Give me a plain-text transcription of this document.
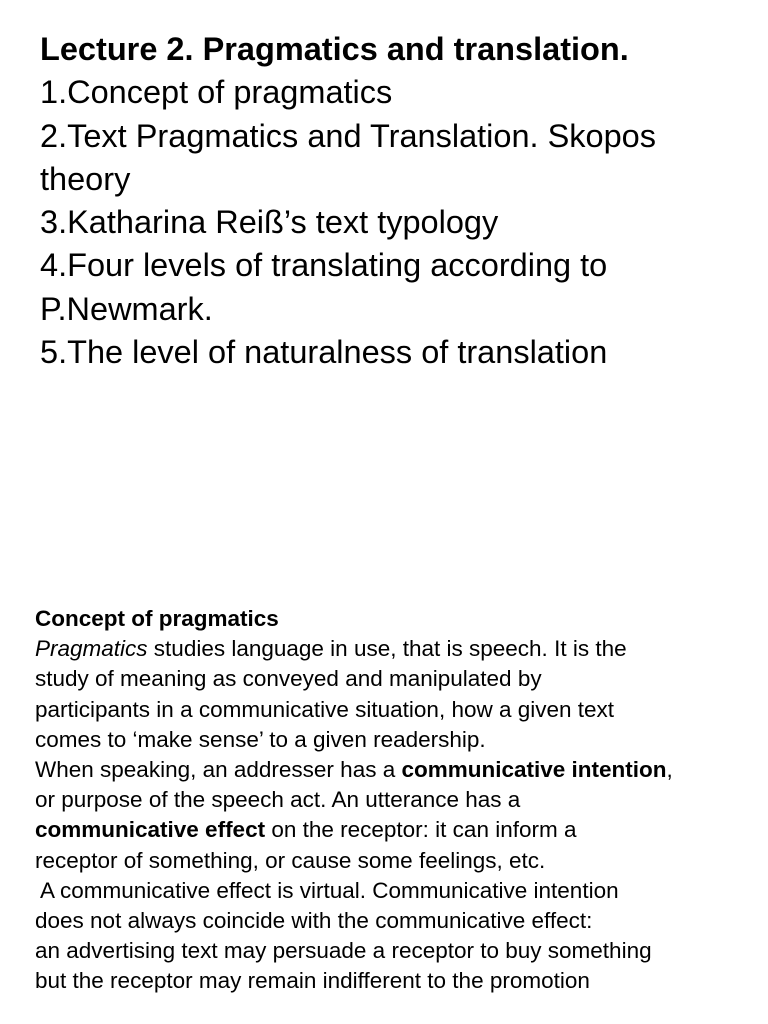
Lecture 2. Pragmatics and translation.
1.Concept of pragmatics
2.Text Pragmatics and Translation. Skopos
theory
3.Katharina Reiß’s text typology
4.Four levels of translating according to
P.Newmark.
5.The level of naturalness of translation
Concept of pragmatics
Pragmatics studies language in use, that is speech. It is the
study of meaning as conveyed and manipulated by
participants in a communicative situation, how a given text
comes to ‘make sense’ to a given readership.
When speaking, an addresser has a communicative intention,
or purpose of the speech act. An utterance has a
communicative effect on the receptor: it can inform a
receptor of something, or cause some feelings, etc.
A communicative effect is virtual. Communicative intention
does not always coincide with the communicative effect:
an advertising text may persuade a receptor to buy something
but the receptor may remain indifferent to the promotion
